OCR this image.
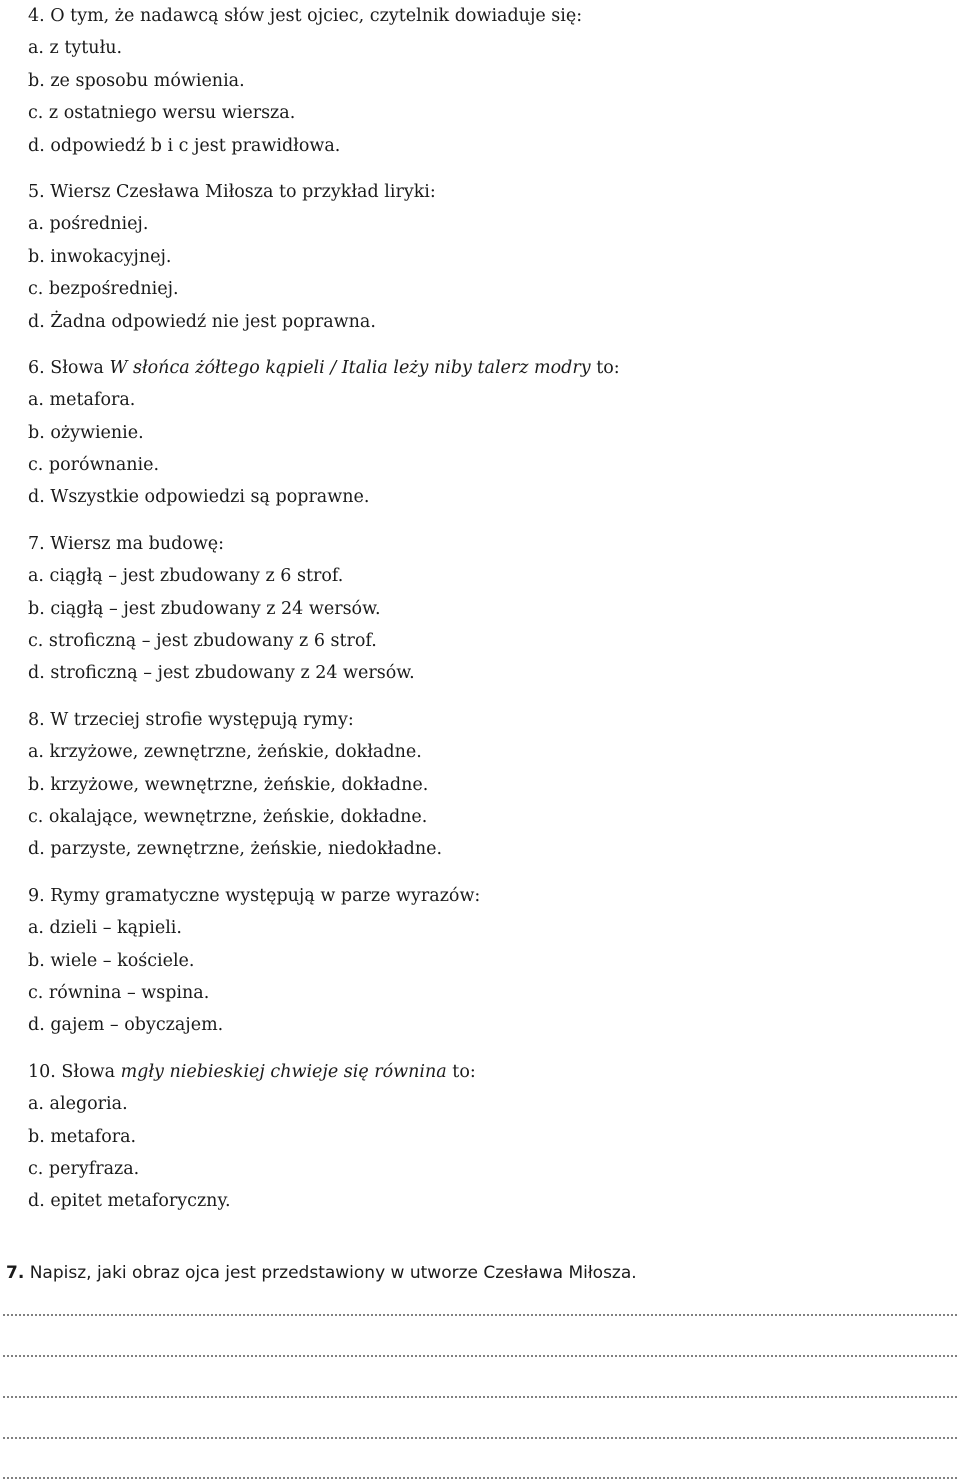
4. O tym, że nadawcą słów jest ojciec, czytelnik dowiaduje się:
a. z tytułu.
b. ze sposobu mówienia.
c. z ostatniego wersu wiersza.
d. odpowiedź b i c jest prawidłowa.
5. Wiersz Czesława Miłosza to przykład liryki:
a. pośredniej.
b. inwokacyjnej.
c. bezpośredniej.
d. Żadna odpowiedź nie jest poprawna.
6. Słowa W słońca żółtego kąpieli / Italia leży niby talerz modry to:
a. metafora.
b. ożywienie.
c. porównanie.
d. Wszystkie odpowiedzi są poprawne.
7. Wiersz ma budowę:
a. ciągłą – jest zbudowany z 6 strof.
b. ciągłą – jest zbudowany z 24 wersów.
c. stroficzną – jest zbudowany z 6 strof.
d. stroficzną – jest zbudowany z 24 wersów.
8. W trzeciej strofie występują rymy:
a. krzyżowe, zewnętrzne, żeńskie, dokładne.
b. krzyżowe, wewnętrzne, żeńskie, dokładne.
c. okalające, wewnętrzne, żeńskie, dokładne.
d. parzyste, zewnętrzne, żeńskie, niedokładne.
9. Rymy gramatyczne występują w parze wyrazów:
a. dzieli – kąpieli.
b. wiele – kościele.
c. równina – wspina.
d. gajem – obyczajem.
10. Słowa mgły niebieskiej chwieje się równina to:
a. alegoria.
b. metafora.
c. peryfraza.
d. epitet metaforyczny.
7. Napisz, jaki obraz ojca jest przedstawiony w utworze Czesława Miłosza.
